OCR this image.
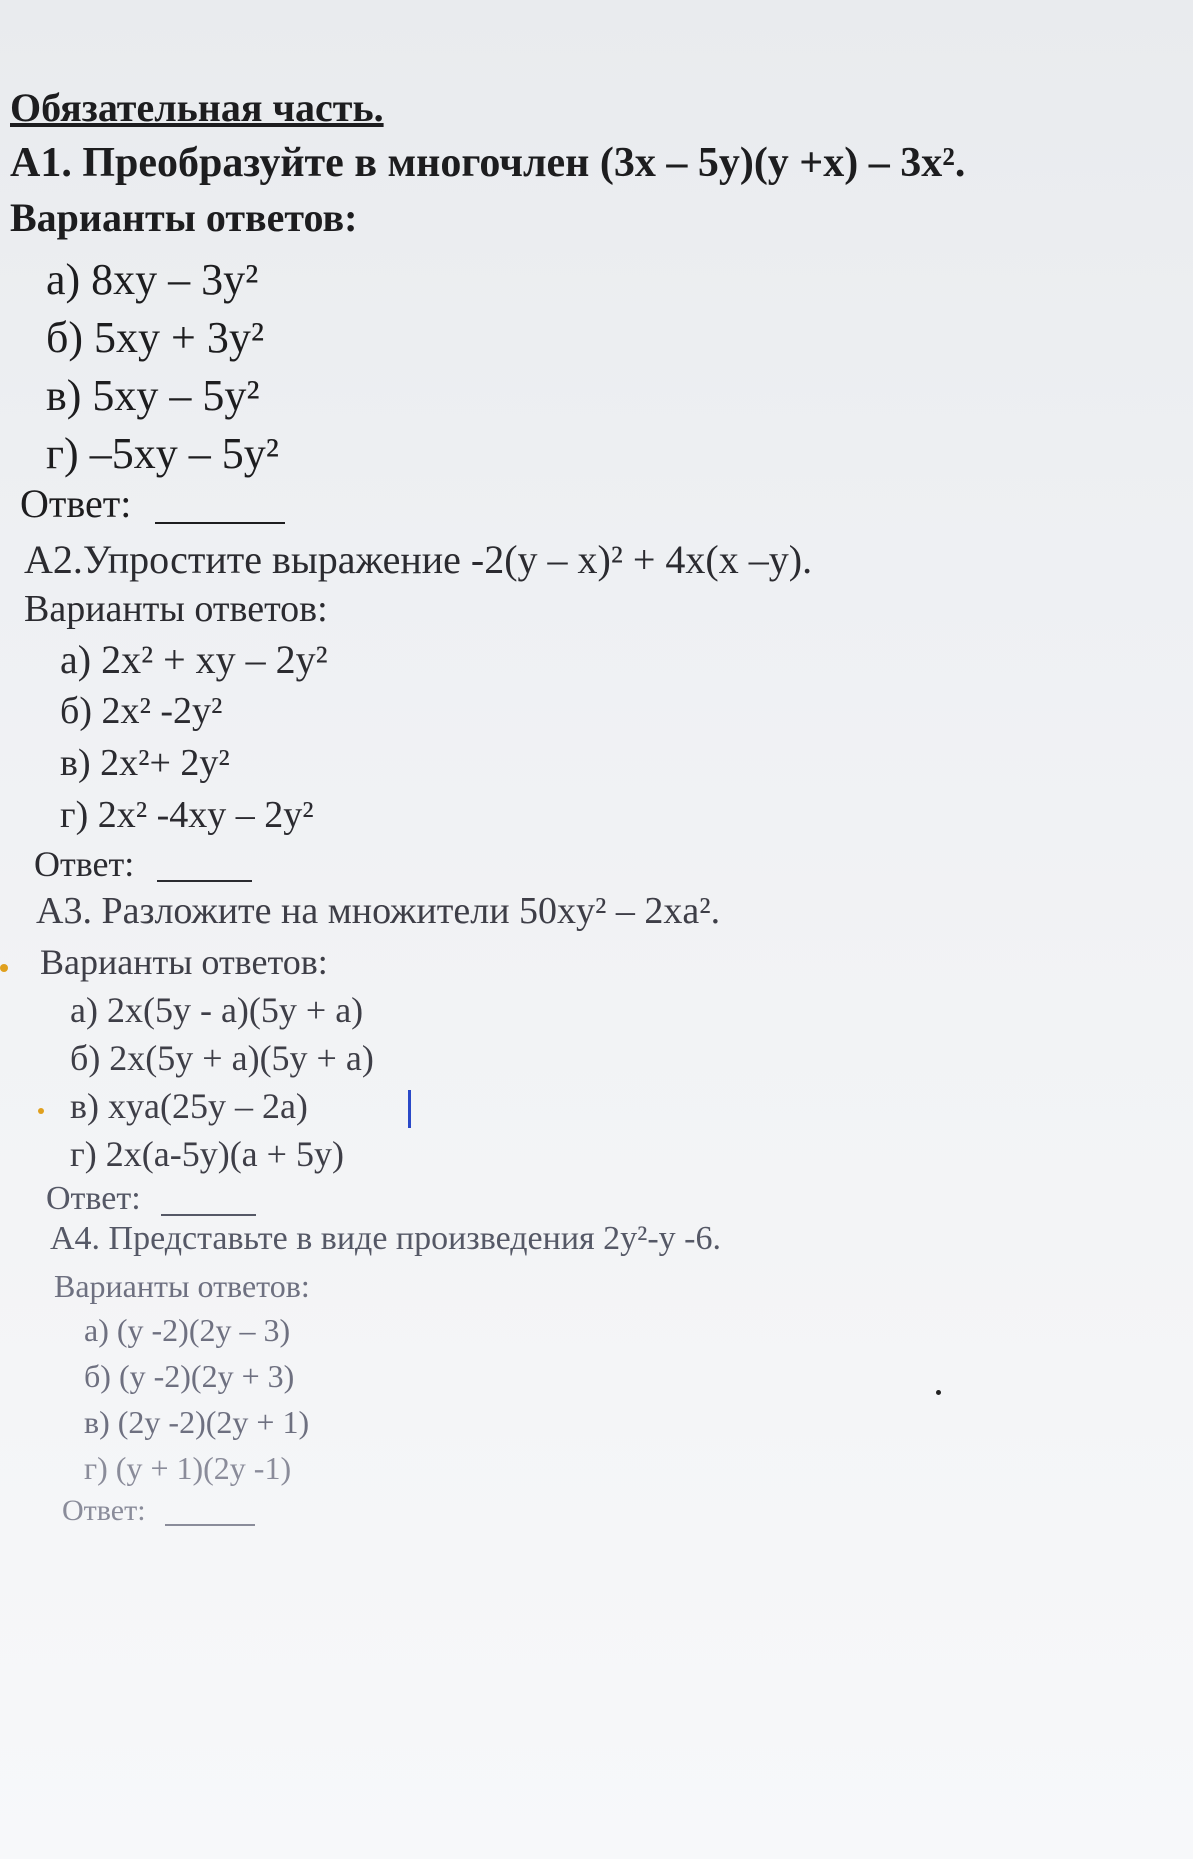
Обязательная часть.
А1. Преобразуйте в многочлен (3х – 5у)(у +х) – 3х².
Варианты ответов:
а) 8xy – 3y²
б) 5xy + 3y²
в) 5xy – 5y²
г) –5xy – 5y²
Ответ:
А2.Упростите выражение -2(у – х)² + 4х(х –у).
Варианты ответов:
а) 2x² + xy – 2y²
б) 2x² -2y²
в) 2x²+ 2y²
г) 2x² -4xy – 2y²
Ответ:
А3. Разложите на множители 50xy² – 2xa².
Варианты ответов:
а) 2x(5y - a)(5y + a)
б) 2x(5y + a)(5y + a)
в) xya(25y – 2a)
г) 2x(a-5y)(a + 5y)
Ответ:
А4. Представьте в виде произведения 2у²-у -6.
Варианты ответов:
а) (у -2)(2у – 3)
б) (у -2)(2у + 3)
в) (2у -2)(2у + 1)
г) (у + 1)(2у -1)
Ответ:
